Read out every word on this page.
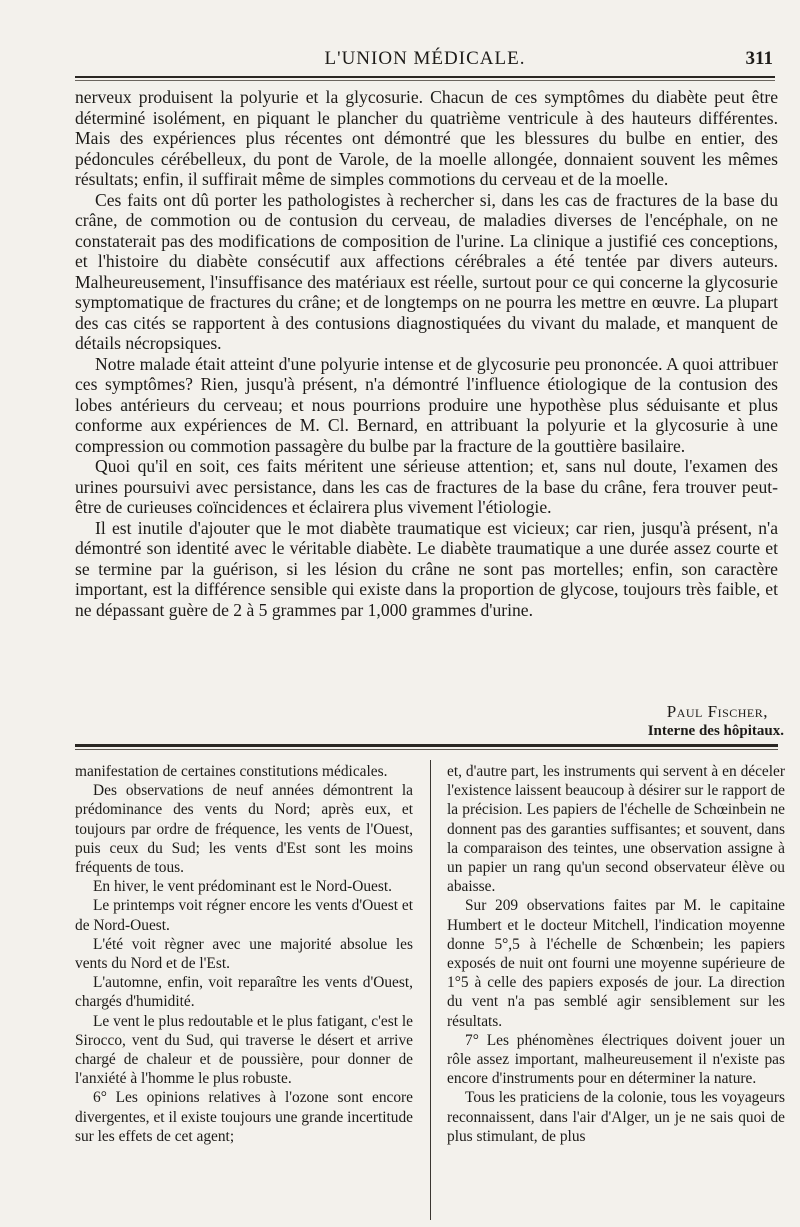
L'UNION MÉDICALE.	311

nerveux produisent la polyurie et la glycosurie. Chacun de ces symptômes du diabète peut être déterminé isolément, en piquant le plancher du quatrième ventricule à des hauteurs différentes. Mais des expériences plus récentes ont démontré que les blessures du bulbe en entier, des pédoncules cérébelleux, du pont de Varole, de la moelle allongée, donnaient souvent les mêmes résultats; enfin, il suffirait même de simples commotions du cerveau et de la moelle.

Ces faits ont dû porter les pathologistes à rechercher si, dans les cas de fractures de la base du crâne, de commotion ou de contusion du cerveau, de maladies diverses de l'encéphale, on ne constaterait pas des modifications de composition de l'urine. La clinique a justifié ces conceptions, et l'histoire du diabète consécutif aux affections cérébrales a été tentée par divers auteurs. Malheureusement, l'insuffisance des matériaux est réelle, surtout pour ce qui concerne la glycosurie symptomatique de fractures du crâne; et de longtemps on ne pourra les mettre en œuvre. La plupart des cas cités se rapportent à des contusions diagnostiquées du vivant du malade, et manquent de détails nécropsiques.

Notre malade était atteint d'une polyurie intense et de glycosurie peu prononcée. A quoi attribuer ces symptômes? Rien, jusqu'à présent, n'a démontré l'influence étiologique de la contusion des lobes antérieurs du cerveau; et nous pourrions produire une hypothèse plus séduisante et plus conforme aux expériences de M. Cl. Bernard, en attribuant la polyurie et la glycosurie à une compression ou commotion passagère du bulbe par la fracture de la gouttière basilaire.

Quoi qu'il en soit, ces faits méritent une sérieuse attention; et, sans nul doute, l'examen des urines poursuivi avec persistance, dans les cas de fractures de la base du crâne, fera trouver peut-être de curieuses coïncidences et éclairera plus vivement l'étiologie.

Il est inutile d'ajouter que le mot diabète traumatique est vicieux; car rien, jusqu'à présent, n'a démontré son identité avec le véritable diabète. Le diabète traumatique a une durée assez courte et se termine par la guérison, si les lésion du crâne ne sont pas mortelles; enfin, son caractère important, est la différence sensible qui existe dans la proportion de glycose, toujours très faible, et ne dépassant guère de 2 à 5 grammes par 1,000 grammes d'urine.

Paul Fischer,
Interne des hôpitaux.

manifestation de certaines constitutions médicales.

Des observations de neuf années démontrent la prédominance des vents du Nord; après eux, et toujours par ordre de fréquence, les vents de l'Ouest, puis ceux du Sud; les vents d'Est sont les moins fréquents de tous.

En hiver, le vent prédominant est le Nord-Ouest.

Le printemps voit régner encore les vents d'Ouest et de Nord-Ouest.

L'été voit règner avec une majorité absolue les vents du Nord et de l'Est.

L'automne, enfin, voit reparaître les vents d'Ouest, chargés d'humidité.

Le vent le plus redoutable et le plus fatigant, c'est le Sirocco, vent du Sud, qui traverse le désert et arrive chargé de chaleur et de poussière, pour donner de l'anxiété à l'homme le plus robuste.

6° Les opinions relatives à l'ozone sont encore divergentes, et il existe toujours une grande incertitude sur les effets de cet agent;

et, d'autre part, les instruments qui servent à en déceler l'existence laissent beaucoup à désirer sur le rapport de la précision. Les papiers de l'échelle de Schœinbein ne donnent pas des garanties suffisantes; et souvent, dans la comparaison des teintes, une observation assigne à un papier un rang qu'un second observateur élève ou abaisse.

Sur 209 observations faites par M. le capitaine Humbert et le docteur Mitchell, l'indication moyenne donne 5°,5 à l'échelle de Schœnbein; les papiers exposés de nuit ont fourni une moyenne supérieure de 1°5 à celle des papiers exposés de jour. La direction du vent n'a pas semblé agir sensiblement sur les résultats.

7° Les phénomènes électriques doivent jouer un rôle assez important, malheureusement il n'existe pas encore d'instruments pour en déterminer la nature.

Tous les praticiens de la colonie, tous les voyageurs reconnaissent, dans l'air d'Alger, un je ne sais quoi de plus stimulant, de plus
